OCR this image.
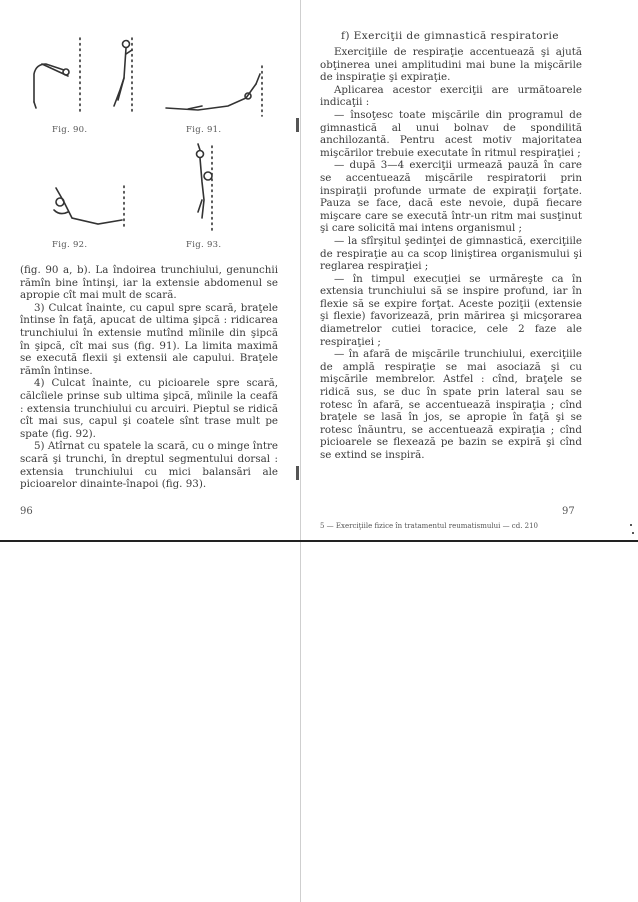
Fig. 90.	Fig. 91.
Fig. 92.	Fig. 93.

(fig. 90 a, b). La îndoirea trunchiului, genunchii rămîn bine întinşi, iar la extensie abdomenul se apropie cît mai mult de scară.

3) Culcat înainte, cu capul spre scară, braţele întinse în faţă, apucat de ultima şipcă : ridicarea trunchiului în extensie mutînd mîinile din şipcă în şipcă, cît mai sus (fig. 91). La limita maximă se execută flexii şi extensii ale capului. Braţele rămîn întinse.

4) Culcat înainte, cu picioarele spre scară, călcîiele prinse sub ultima şipcă, mîinile la ceafă : extensia trunchiului cu arcuiri. Pieptul se ridică cît mai sus, capul şi coatele sînt trase mult pe spate (fig. 92).

5) Atîrnat cu spatele la scară, cu o minge între scară şi trunchi, în dreptul segmentului dorsal : extensia trunchiului cu mici balansări ale picioarelor dinainte-înapoi (fig. 93).

96
f) Exerciţii de gimnastică respiratorie

Exerciţiile de respiraţie accentuează şi ajută obţinerea unei amplitudini mai bune la mişcările de inspiraţie şi expiraţie.

Aplicarea acestor exerciţii are următoarele indicaţii :

— însoţesc toate mişcările din programul de gimnastică al unui bolnav de spondilită anchilozantă. Pentru acest motiv majoritatea mişcărilor trebuie executate în ritmul respiraţiei ;

— după 3—4 exerciţii urmează pauză în care se accentuează mişcările respiratorii prin inspiraţii profunde urmate de expiraţii forţate. Pauza se face, dacă este nevoie, după fiecare mişcare care se execută într-un ritm mai susţinut şi care solicită mai intens organismul ;

— la sfîrşitul şedinţei de gimnastică, exerciţiile de respiraţie au ca scop liniştirea organismului şi reglarea respiraţiei ;

— în timpul execuţiei se urmăreşte ca în extensia trunchiului să se inspire profund, iar în flexie să se expire forţat. Aceste poziţii (extensie şi flexie) favorizează, prin mărirea şi micşorarea diametrelor cutiei toracice, cele 2 faze ale respiraţiei ;

— în afară de mişcările trunchiului, exerciţiile de amplă respiraţie se mai asociază şi cu mişcările membrelor. Astfel : cînd, braţele se ridică sus, se duc în spate prin lateral sau se rotesc în afară, se accentuează inspiraţia ; cînd braţele se lasă în jos, se apropie în faţă şi se rotesc înăuntru, se accentuează expiraţia ; cînd picioarele se flexează pe bazin se expiră şi cînd se extind se inspiră.

97
5 — Exerciţiile fizice în tratamentul reumatismului — cd. 210
